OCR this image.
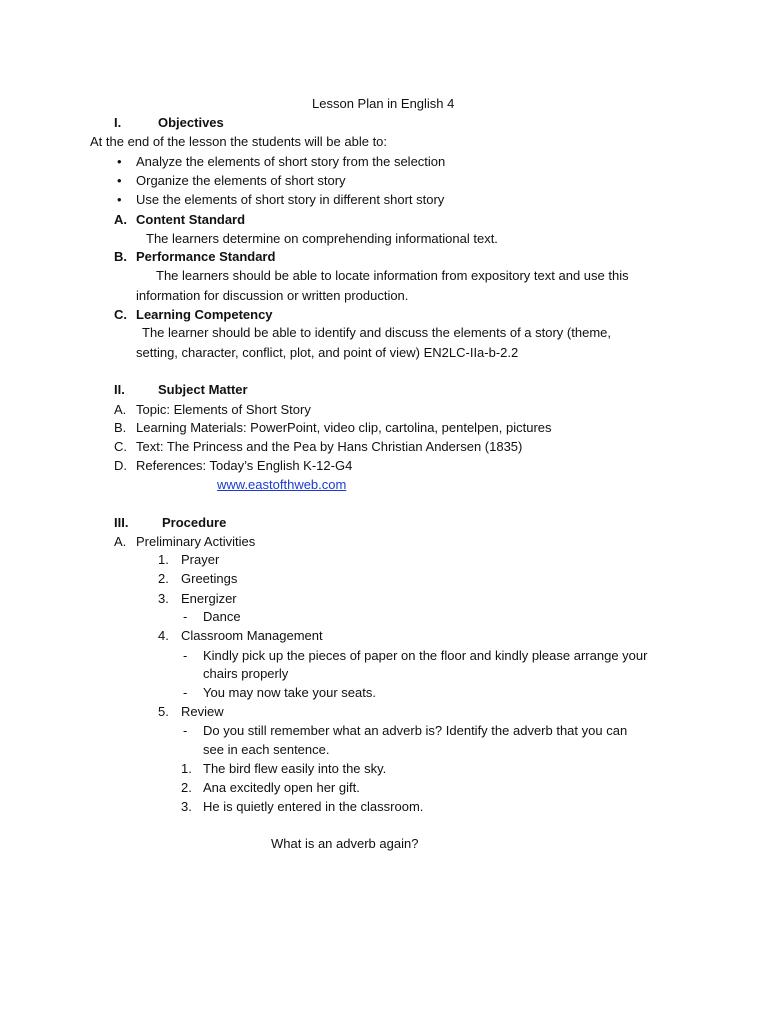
Lesson Plan in English 4
I.	Objectives
At the end of the lesson the students will be able to:
• Analyze the elements of short story from the selection
• Organize the elements of short story
• Use the elements of short story in different short story
A. Content Standard
The learners determine on comprehending informational text.
B. Performance Standard
The learners should be able to locate information from expository text and use this
information for discussion or written production.
C. Learning Competency
The learner should be able to identify and discuss the elements of a story (theme,
setting, character, conflict, plot, and point of view) EN2LC-IIa-b-2.2
II.	Subject Matter
A. Topic: Elements of Short Story
B. Learning Materials: PowerPoint, video clip, cartolina, pentelpen, pictures
C. Text: The Princess and the Pea by Hans Christian Andersen (1835)
D. References: Today’s English K-12-G4
www.eastofthweb.com
III.	Procedure
A. Preliminary Activities
1. Prayer
2. Greetings
3. Energizer
- Dance
4. Classroom Management
- Kindly pick up the pieces of paper on the floor and kindly please arrange your
chairs properly
- You may now take your seats.
5. Review
- Do you still remember what an adverb is? Identify the adverb that you can
see in each sentence.
1. The bird flew easily into the sky.
2. Ana excitedly open her gift.
3. He is quietly entered in the classroom.
What is an adverb again?
